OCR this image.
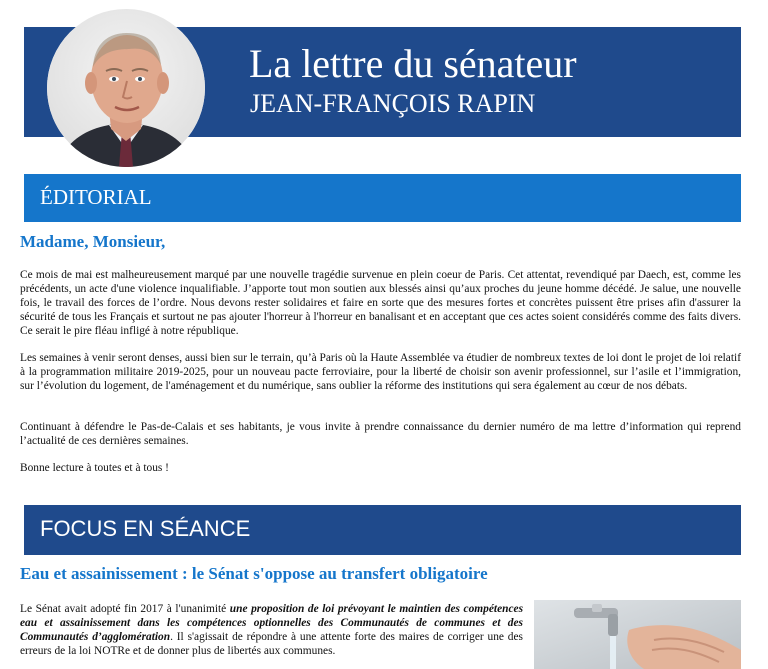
La lettre du sénateur
JEAN-FRANÇOIS RAPIN
ÉDITORIAL
Madame, Monsieur,

Ce mois de mai est malheureusement marqué par une nouvelle tragédie survenue en plein coeur de Paris. Cet attentat, revendiqué par Daech, est, comme les précédents, un acte d'une violence inqualifiable. J’apporte tout mon soutien aux blessés ainsi qu’aux proches du jeune homme décédé. Je salue, une nouvelle fois, le travail des forces de l’ordre. Nous devons rester solidaires et faire en sorte que des mesures fortes et concrètes puissent être prises afin d'assurer la sécurité de tous les Français et surtout ne pas ajouter l'horreur à l'horreur en banalisant et en acceptant que ces actes soient considérés comme des faits divers. Ce serait le pire fléau infligé à notre république.

Les semaines à venir seront denses, aussi bien sur le terrain, qu’à Paris où la Haute Assemblée va étudier de nombreux textes de loi dont le projet de loi relatif à la programmation militaire 2019-2025, pour un nouveau pacte ferroviaire, pour la liberté de choisir son avenir professionnel, sur l’asile et l’immigration, sur l’évolution du logement, de l'aménagement et du numérique, sans oublier la réforme des institutions qui sera également au cœur de nos débats.

Continuant à défendre le Pas-de-Calais et ses habitants, je vous invite à prendre connaissance du dernier numéro de ma lettre d’information qui reprend l’actualité de ces dernières semaines.

Bonne lecture à toutes et à tous !

FOCUS EN SÉANCE
Eau et assainissement : le Sénat s'oppose au transfert obligatoire

Le Sénat avait adopté fin 2017 à l'unanimité une proposition de loi prévoyant le maintien des compétences eau et assainissement dans les compétences optionnelles des Communautés de communes et des Communautés d’agglomération. Il s'agissait de répondre à une attente forte des maires de corriger une des erreurs de la loi NOTRe et de donner plus de libertés aux communes.
